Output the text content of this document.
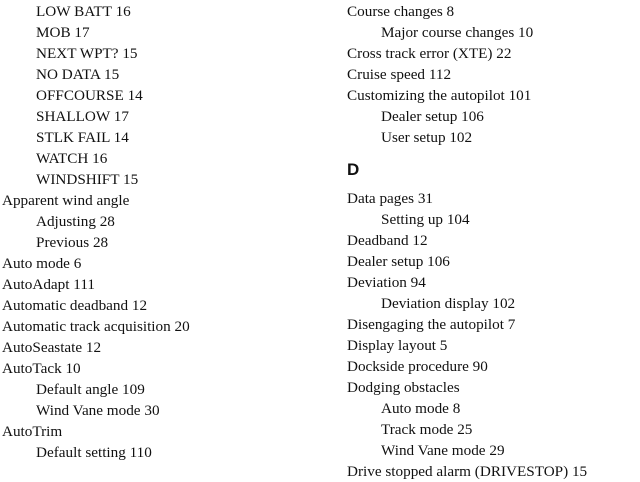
LOW BATT 16
MOB 17
NEXT WPT? 15
NO DATA 15
OFFCOURSE 14
SHALLOW 17
STLK FAIL 14
WATCH 16
WINDSHIFT 15
Apparent wind angle
Adjusting 28
Previous 28
Auto mode 6
AutoAdapt 111
Automatic deadband 12
Automatic track acquisition 20
AutoSeastate 12
AutoTack 10
Default angle 109
Wind Vane mode 30
AutoTrim
Default setting 110
Course changes 8
Major course changes 10
Cross track error (XTE) 22
Cruise speed 112
Customizing the autopilot 101
Dealer setup 106
User setup 102
D
Data pages 31
Setting up 104
Deadband 12
Dealer setup 106
Deviation 94
Deviation display 102
Disengaging the autopilot 7
Display layout 5
Dockside procedure 90
Dodging obstacles
Auto mode 8
Track mode 25
Wind Vane mode 29
Drive stopped alarm (DRIVESTOP) 15
